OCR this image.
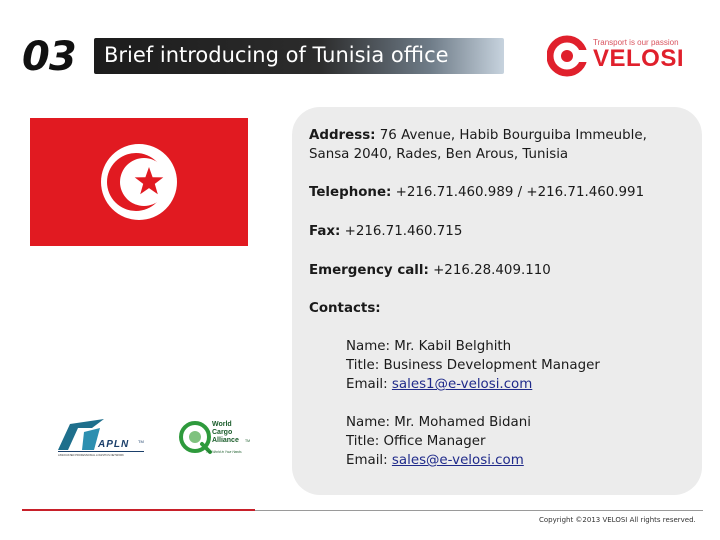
03 Brief introducing of Tunisia office
Transport is our passion
VELOSI
Address: 76 Avenue, Habib Bourguiba Immeuble,
Sansa 2040, Rades, Ben Arous, Tunisia
Telephone: +216.71.460.989 / +216.71.460.991
Fax: +216.71.460.715
Emergency call: +216.28.409.110
Contacts:
Name: Mr. Kabil Belghith
Title: Business Development Manager
Email: sales1@e-velosi.com
Name: Mr. Mohamed Bidani
Title: Office Manager
Email: sales@e-velosi.com
APLN TM
ASSOCIATED PROFESSIONAL LOGISTICS NETWORK
World
Cargo
Alliance TM
The World in Your Hands
Copyright ©2013 VELOSI All rights reserved.
